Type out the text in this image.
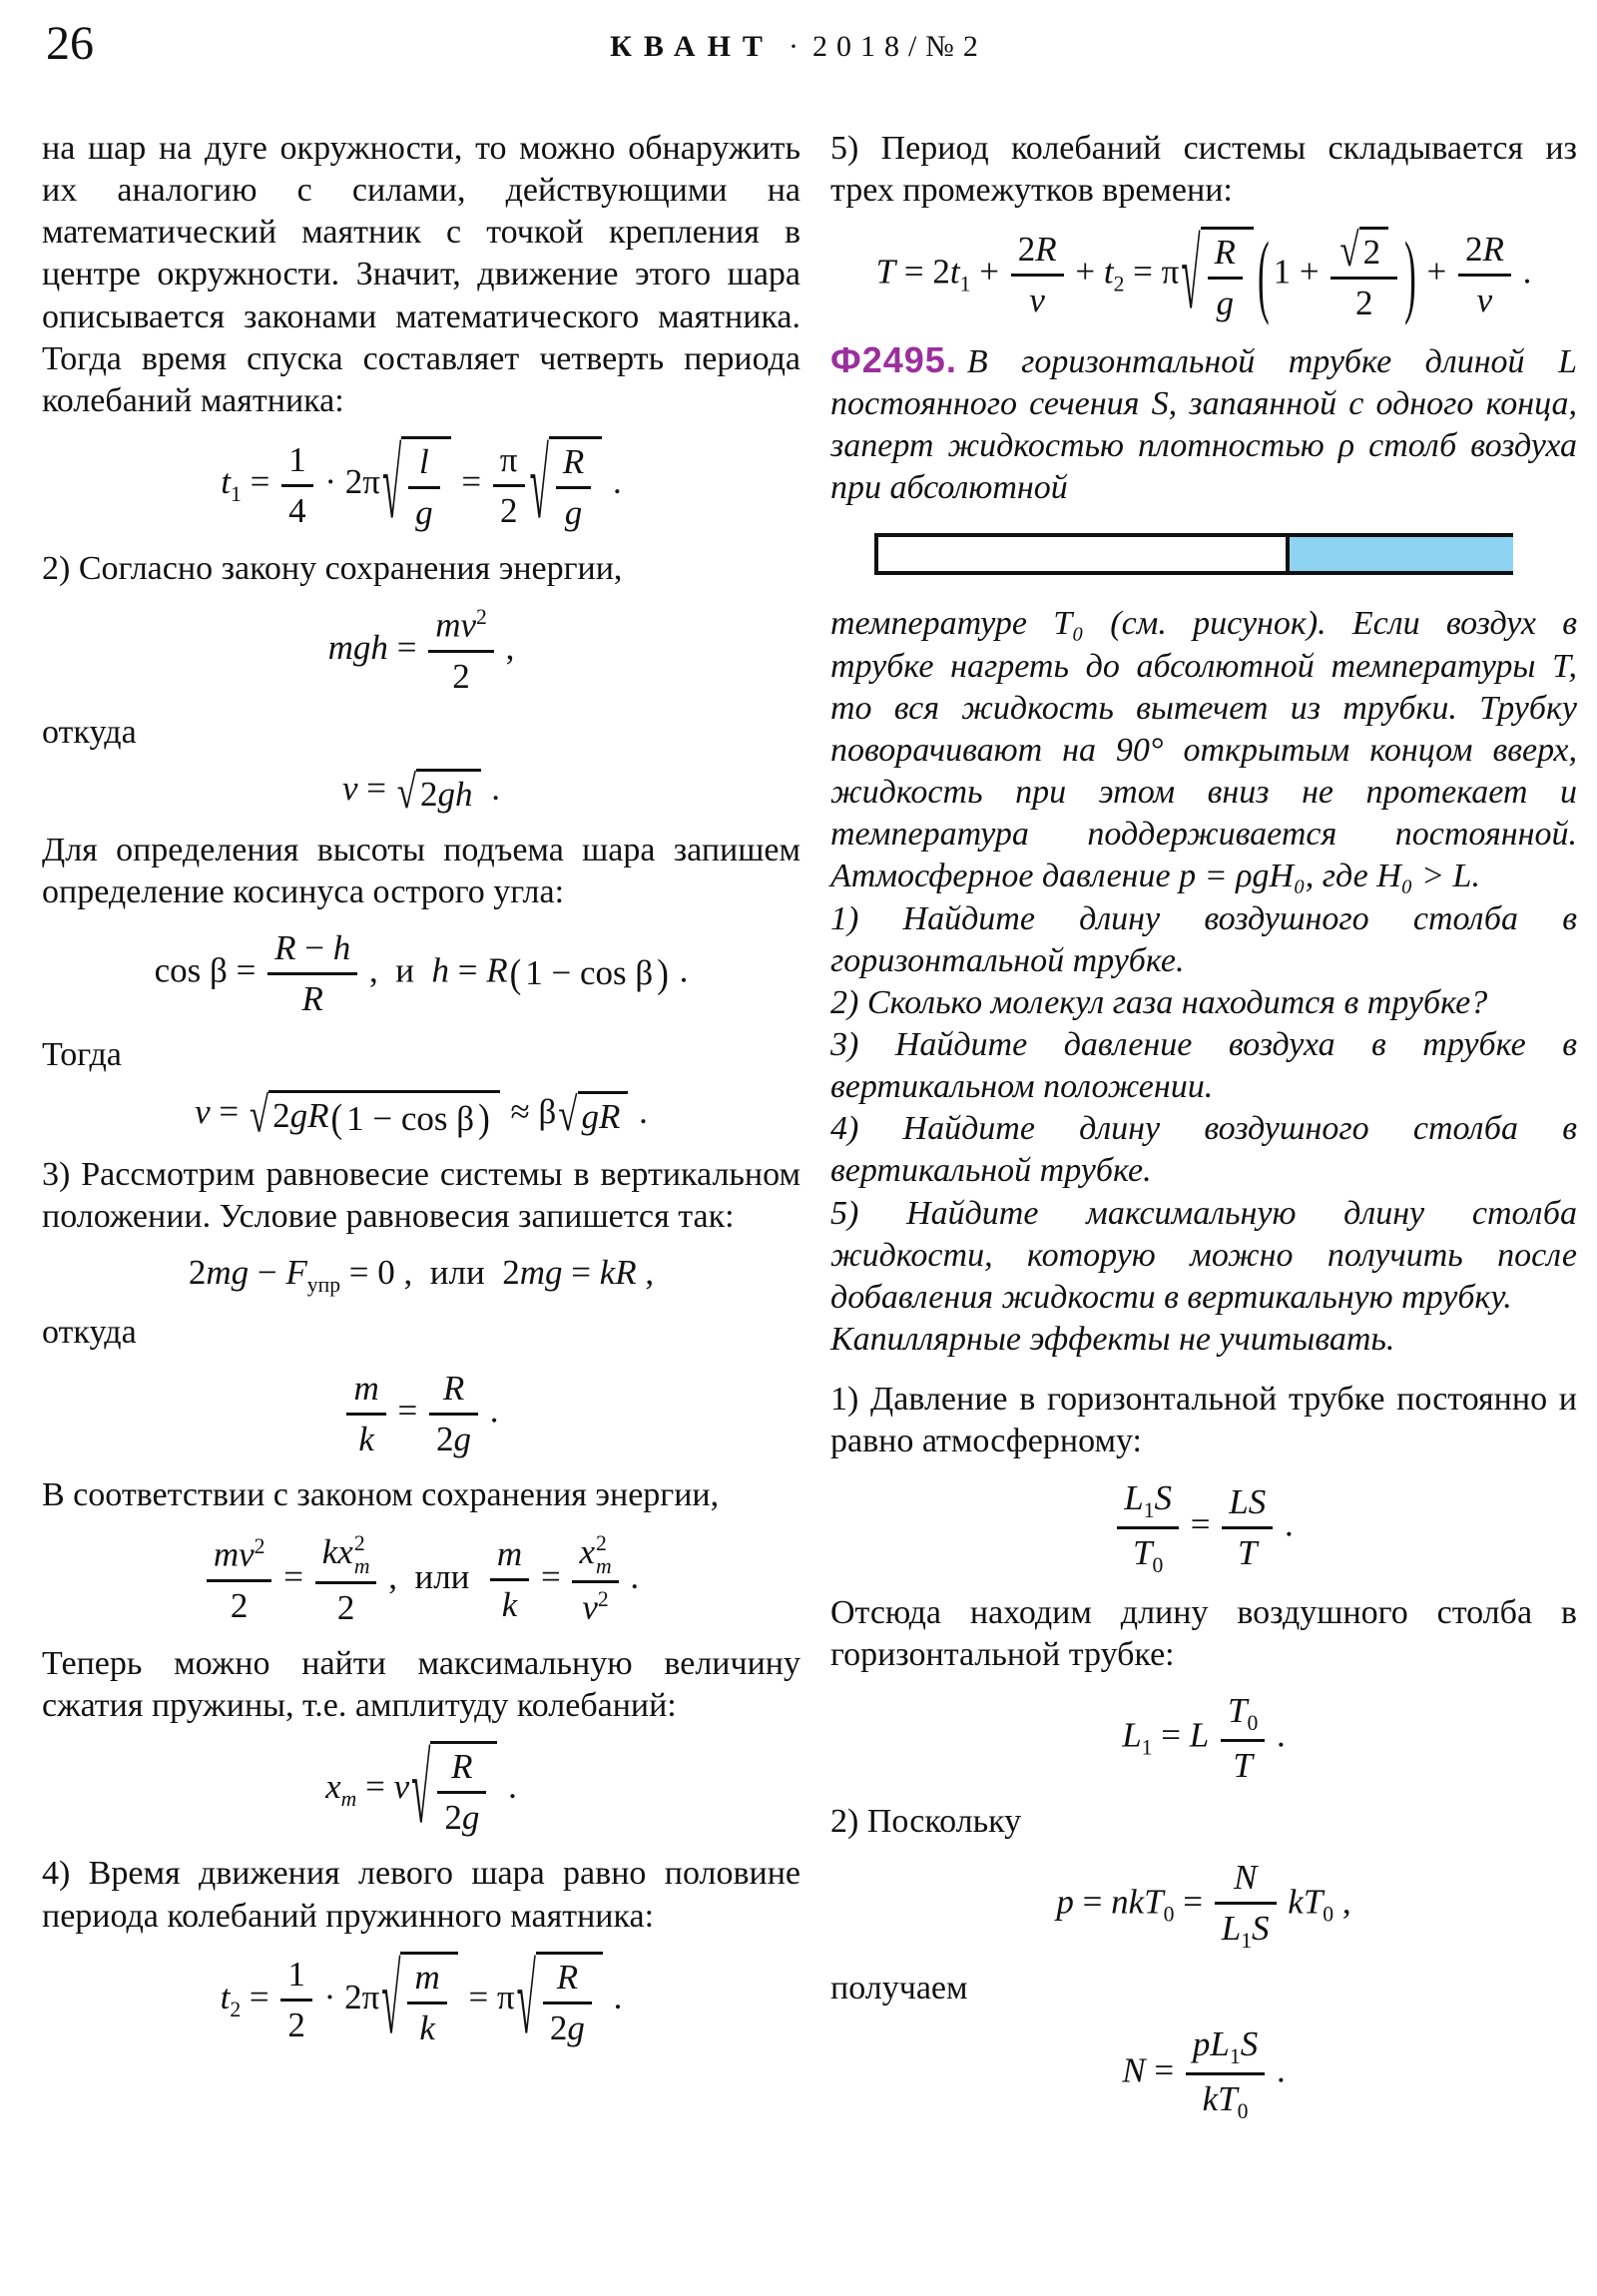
26	КВАНТ · 2018/№2
на шар на дуге окружности, то можно обнаружить их аналогию с силами, действующими на математический маятник с точкой крепления в центре окружности. Значит, движение этого шара описывается законами математического маятника. Тогда время спуска составляет четверть периода колебаний маятника:
$t_1 = \frac{1}{4} \cdot 2\pi$ √ $\frac{l}{g} = \frac{\pi}{2}$ √ $\frac{R}{g}$ .
2) Согласно закону сохранения энергии,
mgh = $\frac{mv^2}{2}$ ,
откуда
v = √ 2gh .
Для определения высоты подъема шара запишем определение косинуса острого угла:
$\cos \beta = \frac{R - h}{R}$ , и h = R ( 1 − cos β ) .
Тогда
v = √ 2gR ( 1 − cos β ) ≈ β √ gR .
3) Рассмотрим равновесие системы в вертикальном положении. Условие равновесия запишется так:
$2mg - F_{упр} = 0$ , или 2mg = kR ,
откуда
$\frac{m}{k} = \frac{R}{2g}$ .
В соответствии с законом сохранения энергии,
$\frac{mv^2}{2}$ = kx 2
m
2 , или  $\frac{m}{k} = x$ 2
m
$v^2$ .
Теперь можно найти максимальную величину сжатия пружины, т.е. амплитуду колебаний:
$x_m = v$ √ $\frac{R}{2g}$ .
4) Время движения левого шара равно половине периода колебаний пружинного маятника:
$t_2 = \frac{1}{2} \cdot 2\pi$ √ $\frac{m}{k} = \pi$ √ $\frac{R}{2g}$ .
5) Период колебаний системы складывается из трех промежутков времени:
$T = 2t_1 + \frac{2R}{v} + t_2 = \pi$ √ $\frac{R}{g}$ ( $1 + \frac{√ 2}{2}$ ) + $\frac{2R}{v}$ .
Ф2495. В горизонтальной трубке длиной L постоянного сечения S, запаянной с одного конца, заперт жидкостью плотностью ρ столб воздуха при абсолютной
температуре T₀ (см. рисунок). Если воздух в трубке нагреть до абсолютной температуры T, то вся жидкость вытечет из трубки. Трубку поворачивают на 90° открытым концом вверх, жидкость при этом вниз не протекает и температура поддерживается постоянной. Атмосферное давление p = ρgH₀, где H₀ > L.
1) Найдите длину воздушного столба в горизонтальной трубке.
2) Сколько молекул газа находится в трубке?
3) Найдите давление воздуха в трубке в вертикальном положении.
4) Найдите длину воздушного столба в вертикальной трубке.
5) Найдите максимальную длину столба жидкости, которую можно получить после добавления жидкости в вертикальную трубку.
Капиллярные эффекты не учитывать.
1) Давление в горизонтальной трубке постоянно и равно атмосферному:
$\frac{L_1S}{T_0} = \frac{LS}{T}$ .
Отсюда находим длину воздушного столба в горизонтальной трубке:
$L_1 = L \frac{T_0}{T}$ .
2) Поскольку
$p = nkT_0 = \frac{N}{L_1S} kT_0$ ,
получаем
$N = \frac{pL_1S}{kT_0}$ .
